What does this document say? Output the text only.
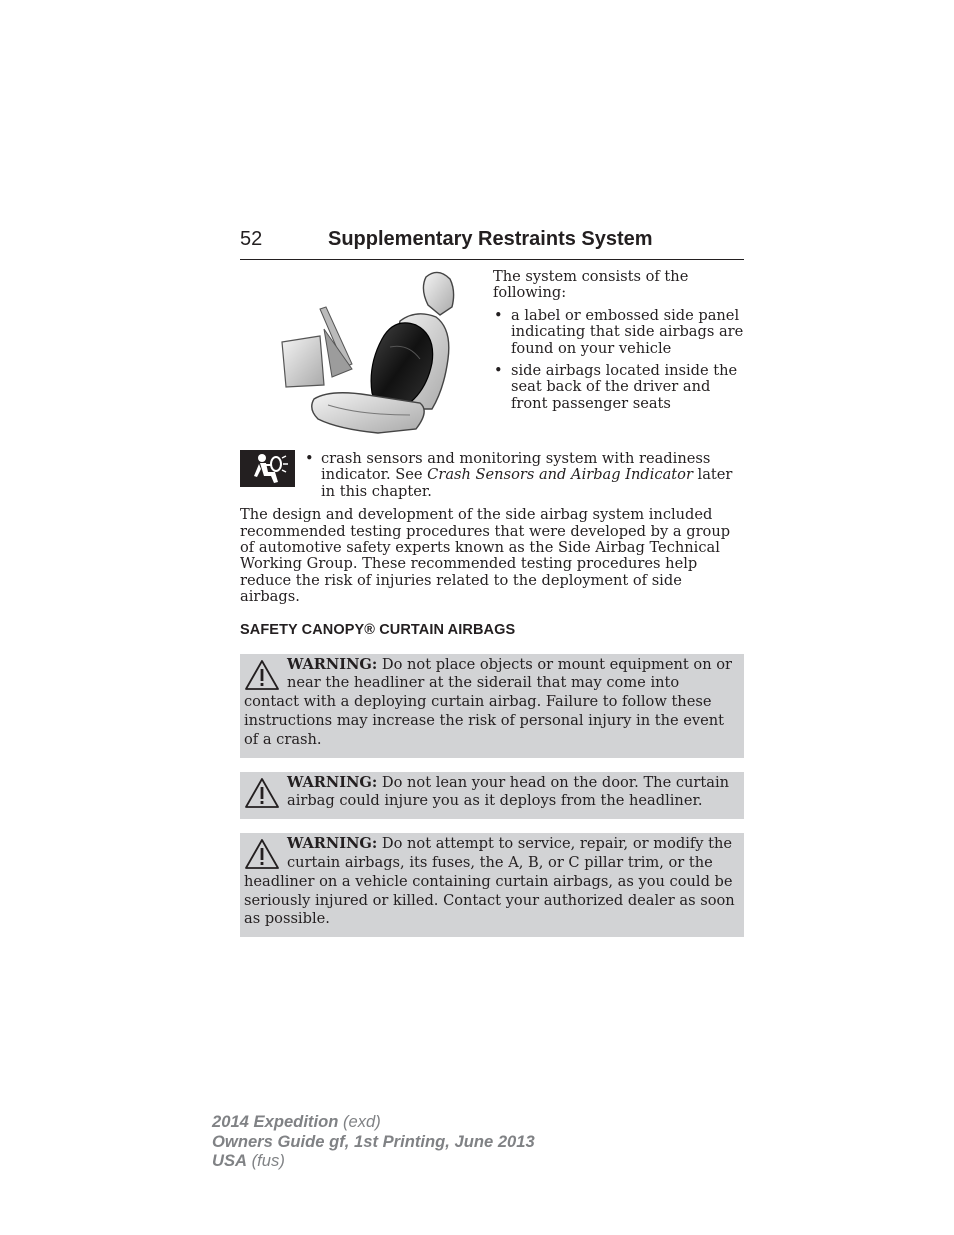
52	Supplementary Restraints System

The system consists of the following:

• a label or embossed side panel indicating that side airbags are found on your vehicle
• side airbags located inside the seat back of the driver and front passenger seats
• crash sensors and monitoring system with readiness indicator. See Crash Sensors and Airbag Indicator later in this chapter.

The design and development of the side airbag system included recommended testing procedures that were developed by a group of automotive safety experts known as the Side Airbag Technical Working Group. These recommended testing procedures help reduce the risk of injuries related to the deployment of side airbags.

SAFETY CANOPY® CURTAIN AIRBAGS
WARNING: Do not place objects or mount equipment on or near the headliner at the siderail that may come into contact with a deploying curtain airbag. Failure to follow these instructions may increase the risk of personal injury in the event of a crash.
WARNING: Do not lean your head on the door. The curtain airbag could injure you as it deploys from the headliner.
WARNING: Do not attempt to service, repair, or modify the curtain airbags, its fuses, the A, B, or C pillar trim, or the headliner on a vehicle containing curtain airbags, as you could be seriously injured or killed. Contact your authorized dealer as soon as possible.
2014 Expedition (exd)
Owners Guide gf, 1st Printing, June 2013
USA (fus)
